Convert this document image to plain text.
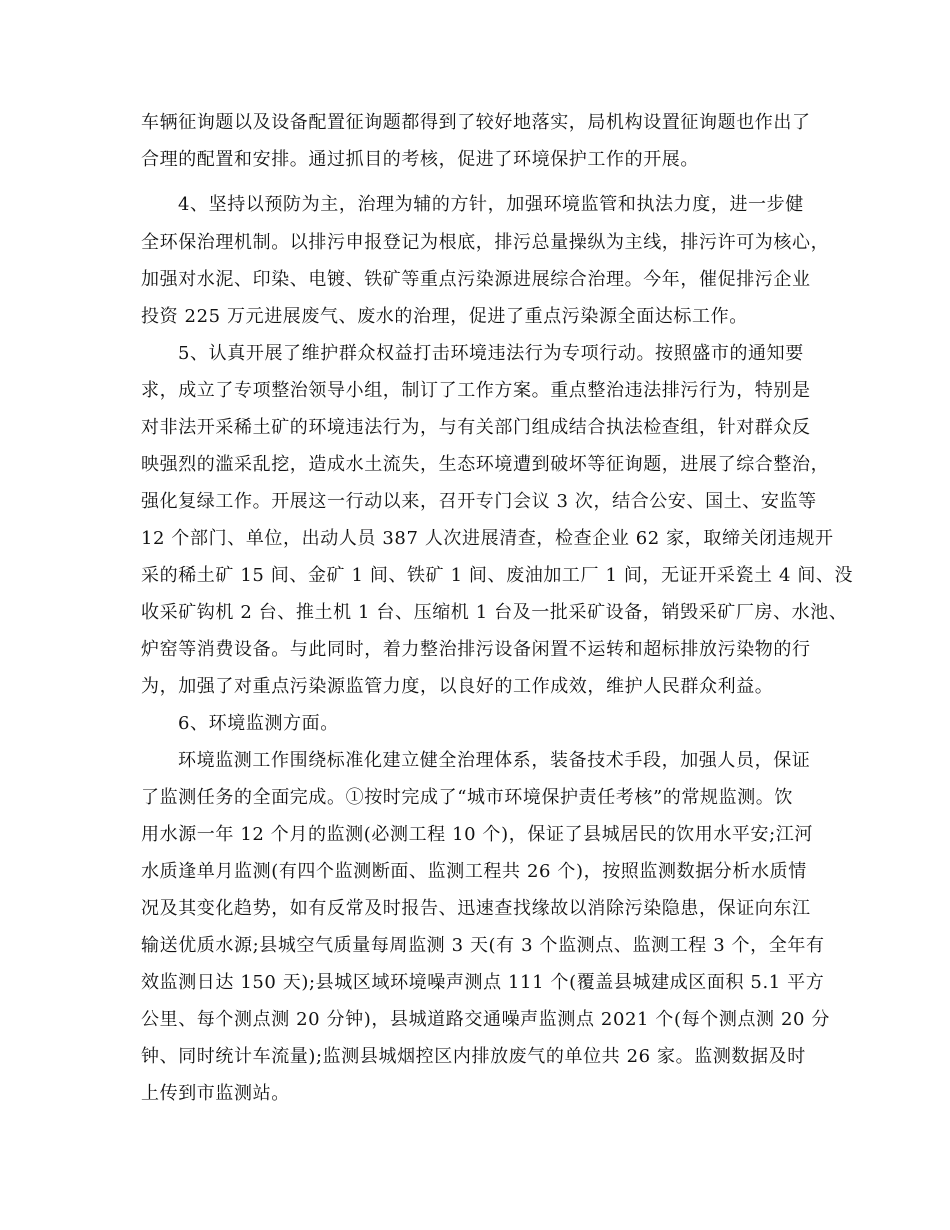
车辆征询题以及设备配置征询题都得到了较好地落实，局机构设置征询题也作出了
合理的配置和安排。通过抓目的考核，促进了环境保护工作的开展。
4、坚持以预防为主，治理为辅的方针，加强环境监管和执法力度，进一步健
全环保治理机制。以排污申报登记为根底，排污总量操纵为主线，排污许可为核心，
加强对水泥、印染、电镀、铁矿等重点污染源进展综合治理。今年，催促排污企业
投资 225 万元进展废气、废水的治理，促进了重点污染源全面达标工作。
5、认真开展了维护群众权益打击环境违法行为专项行动。按照盛市的通知要
求，成立了专项整治领导小组，制订了工作方案。重点整治违法排污行为，特别是
对非法开采稀土矿的环境违法行为，与有关部门组成结合执法检查组，针对群众反
映强烈的滥采乱挖，造成水土流失，生态环境遭到破坏等征询题，进展了综合整治，
强化复绿工作。开展这一行动以来，召开专门会议 3 次，结合公安、国土、安监等
12 个部门、单位，出动人员 387 人次进展清查，检查企业 62 家，取缔关闭违规开
采的稀土矿 15 间、金矿 1 间、铁矿 1 间、废油加工厂 1 间，无证开采瓷土 4 间、没
收采矿钩机 2 台、推土机 1 台、压缩机 1 台及一批采矿设备，销毁采矿厂房、水池、
炉窑等消费设备。与此同时，着力整治排污设备闲置不运转和超标排放污染物的行
为，加强了对重点污染源监管力度，以良好的工作成效，维护人民群众利益。
6、环境监测方面。
环境监测工作围绕标准化建立健全治理体系，装备技术手段，加强人员，保证
了监测任务的全面完成。①按时完成了“城市环境保护责任考核”的常规监测。饮
用水源一年 12 个月的监测(必测工程 10 个)，保证了县城居民的饮用水平安;江河
水质逢单月监测(有四个监测断面、监测工程共 26 个)，按照监测数据分析水质情
况及其变化趋势，如有反常及时报告、迅速查找缘故以消除污染隐患，保证向东江
输送优质水源;县城空气质量每周监测 3 天(有 3 个监测点、监测工程 3 个，全年有
效监测日达 150 天);县城区域环境噪声测点 111 个(覆盖县城建成区面积 5.1 平方
公里、每个测点测 20 分钟)，县城道路交通噪声监测点 2021 个(每个测点测 20 分
钟、同时统计车流量);监测县城烟控区内排放废气的单位共 26 家。监测数据及时
上传到市监测站。
